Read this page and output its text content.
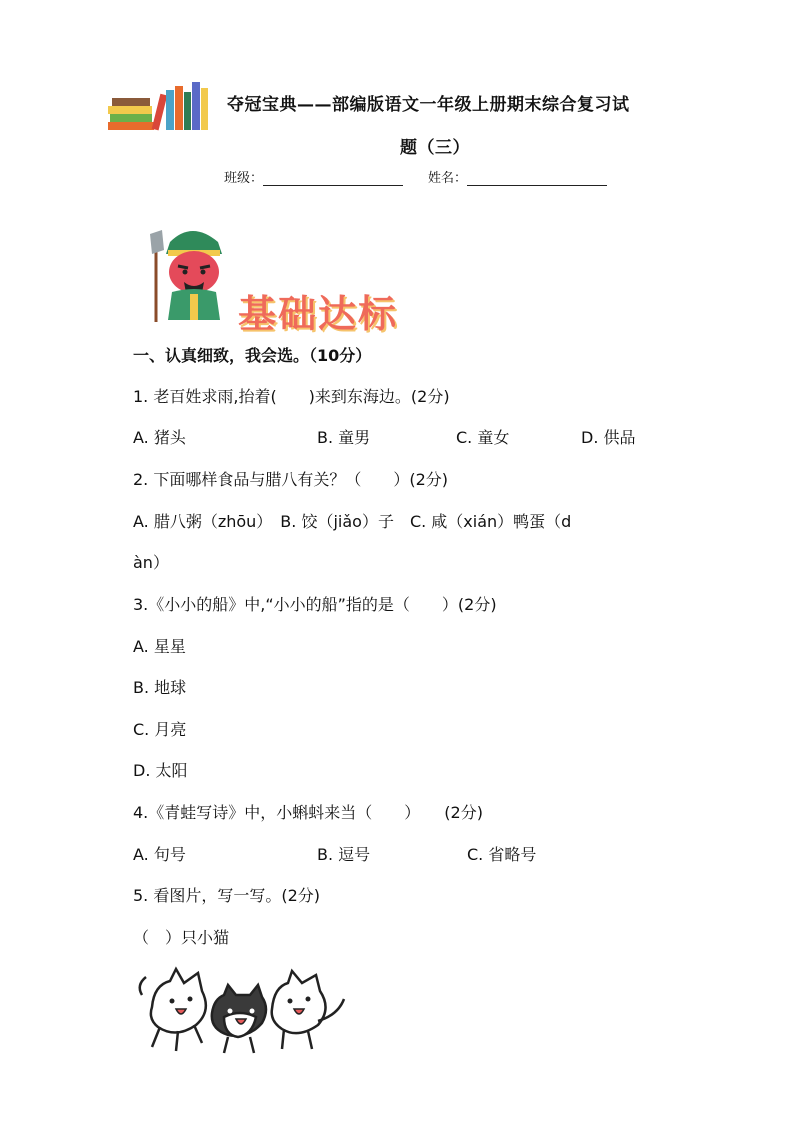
夺冠宝典——部编版语文一年级上册期末综合复习试
题（三）
班级：	姓名：
基础达标
一、认真细致，我会选。（10分）
1. 老百姓求雨,抬着(　　)来到东海边。(2分)
A. 猪头	B. 童男	C. 童女	D. 供品
2. 下面哪样食品与腊八有关？（　　）(2分)
A. 腊八粥（zhōu）　B. 饺（jiǎo）子　C. 咸（xián）鸭蛋（d
àn）
3.《小小的船》中,“小小的船”指的是（　　）(2分)
A. 星星
B. 地球
C. 月亮
D. 太阳
4.《青蛙写诗》中，小蝌蚪来当（　　）　　(2分)
A. 句号	B. 逗号	C. 省略号
5. 看图片，写一写。(2分)
（　）只小猫
